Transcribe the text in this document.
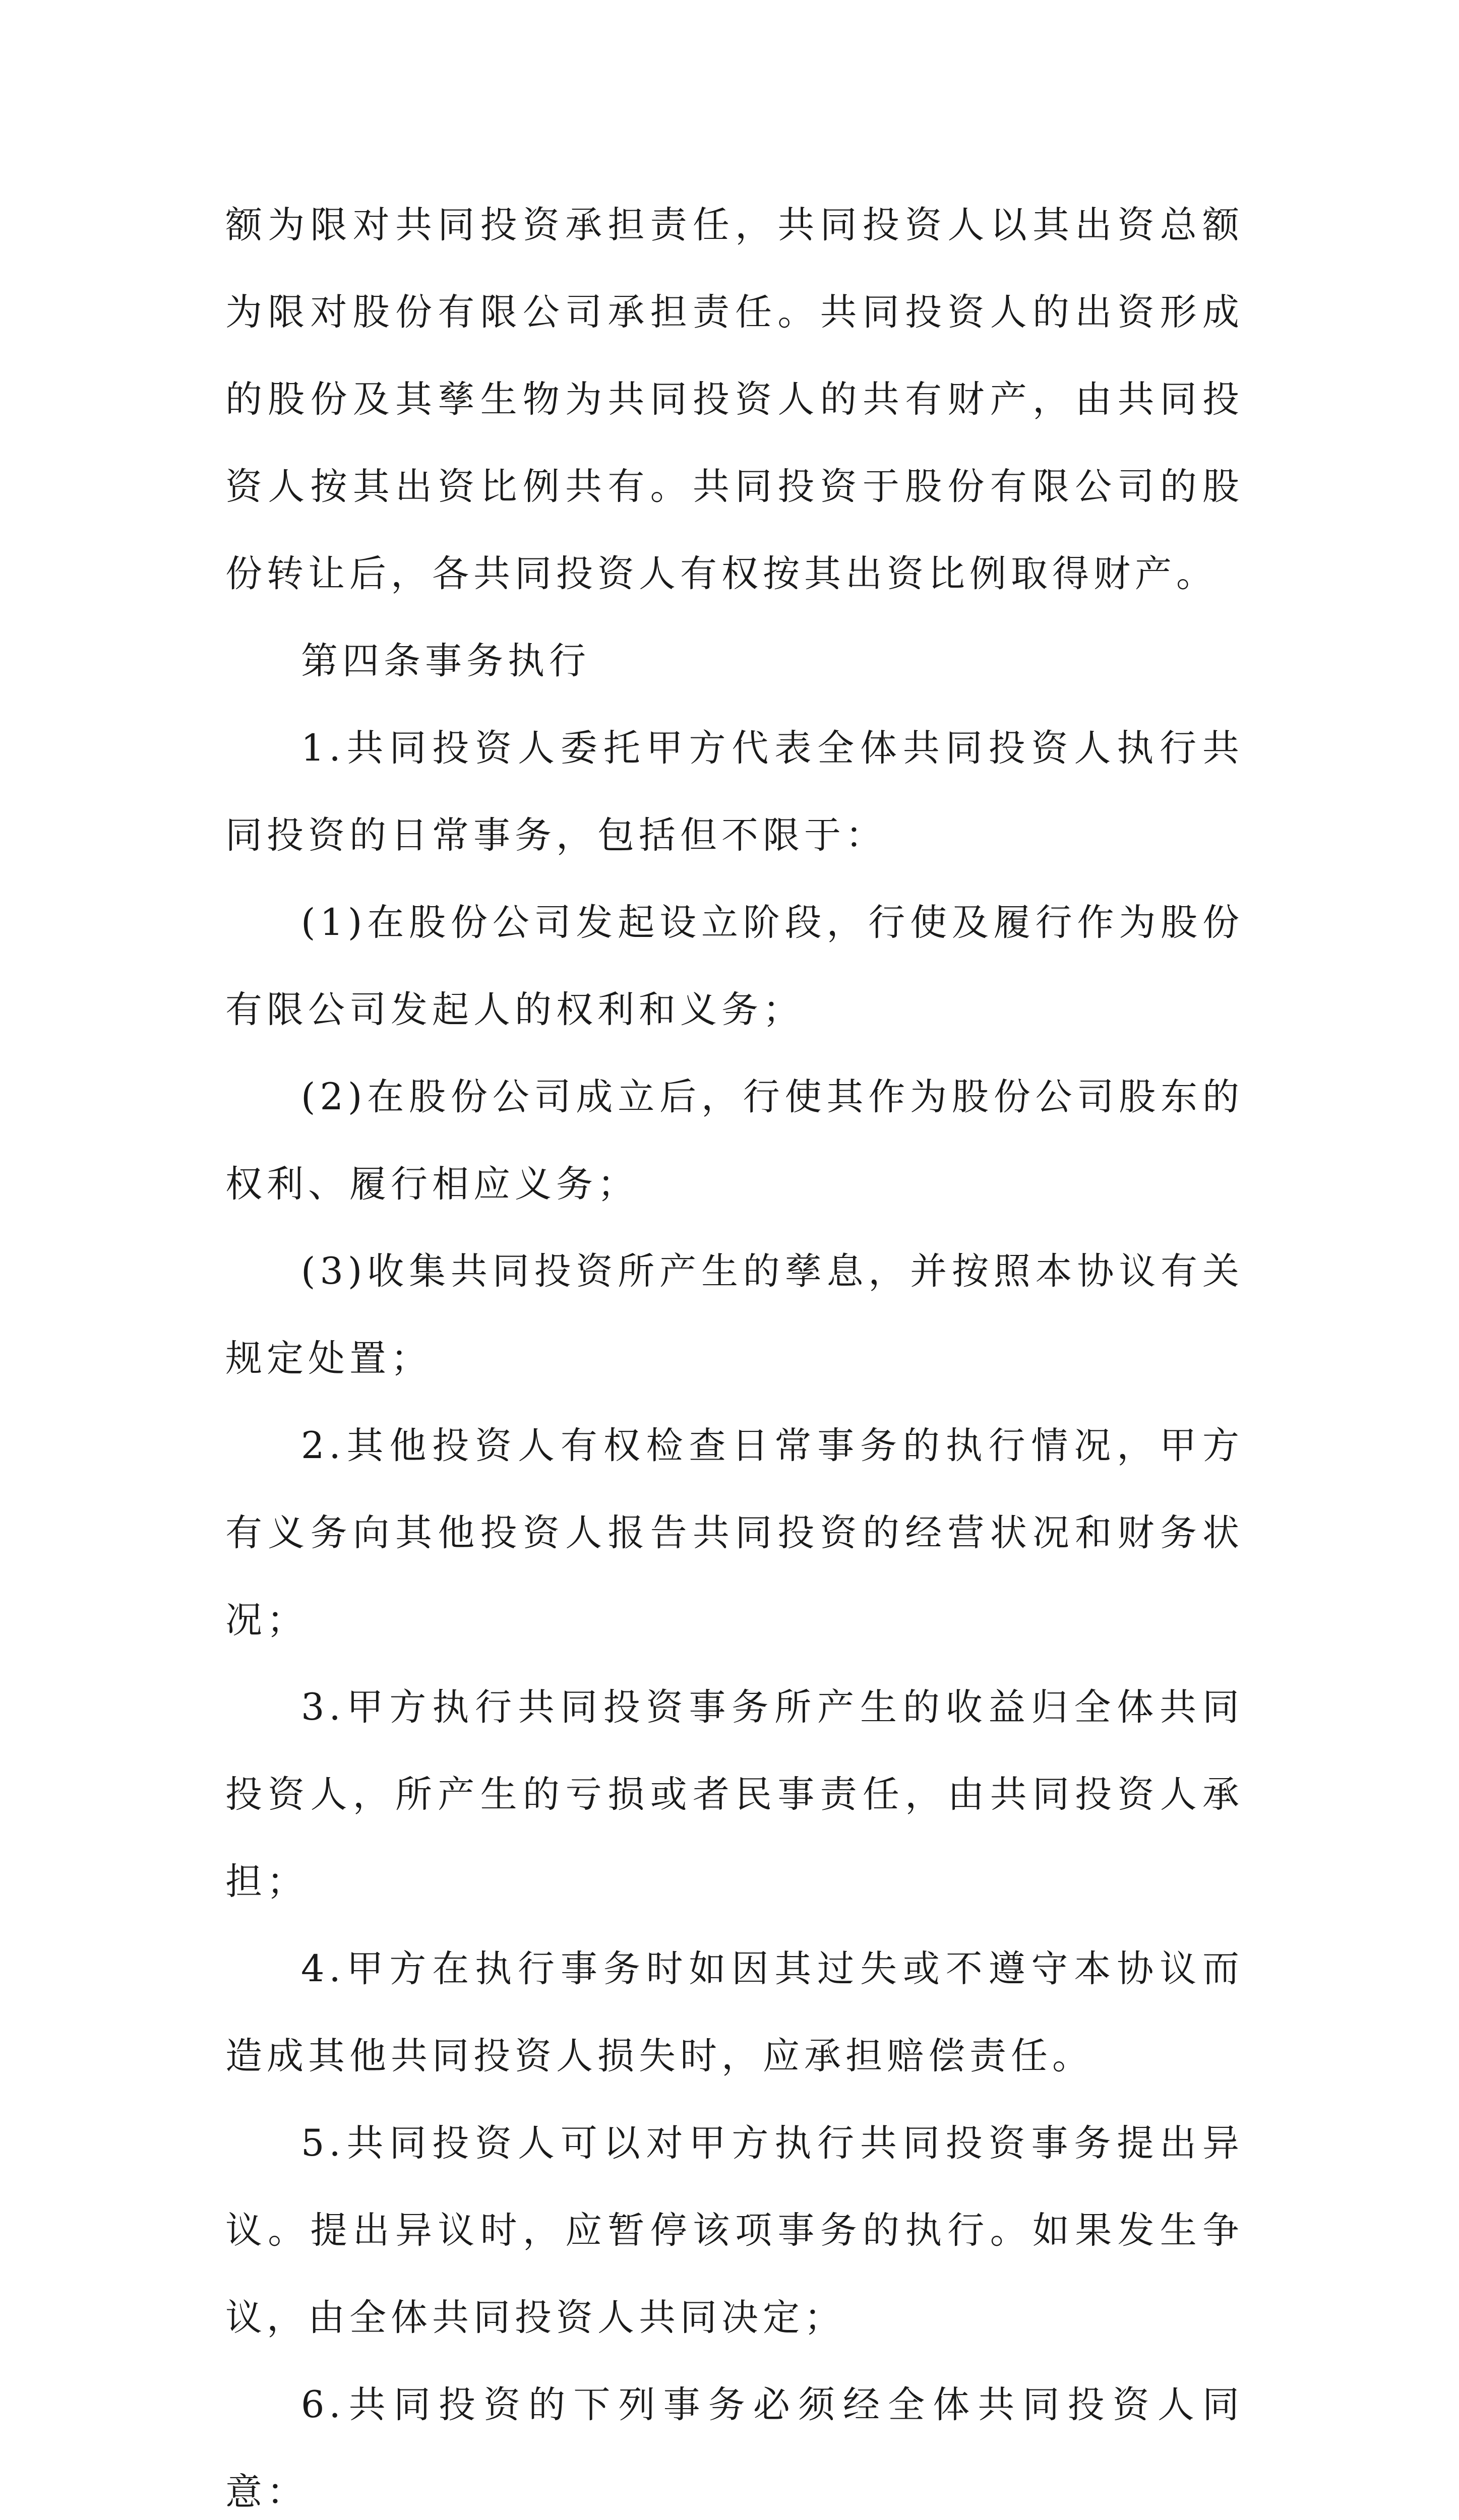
额为限对共同投资承担责任，共同投资人以其出资总额为限对股份有限公司承担责任。共同投资人的出资形成的股份及其孳生物为共同投资人的共有财产，由共同投资人按其出资比例共有。共同投资于股份有限公司的股份转让后，各共同投资人有权按其出资比例取得财产。

第四条事务执行

1.共同投资人委托甲方代表全体共同投资人执行共同投资的日常事务，包括但不限于：

(1)在股份公司发起设立阶段，行使及履行作为股份有限公司发起人的权利和义务；

(2)在股份公司成立后，行使其作为股份公司股东的权利、履行相应义务；

(3)收集共同投资所产生的孳息，并按照本协议有关规定处置；

2.其他投资人有权检查日常事务的执行情况，甲方有义务向其他投资人报告共同投资的经营状况和财务状况；

3.甲方执行共同投资事务所产生的收益归全体共同投资人，所产生的亏损或者民事责任，由共同投资人承担；

4.甲方在执行事务时如因其过失或不遵守本协议而造成其他共同投资人损失时，应承担赔偿责任。

5.共同投资人可以对甲方执行共同投资事务提出异议。提出异议时，应暂停该项事务的执行。如果发生争议，由全体共同投资人共同决定；

6.共同投资的下列事务必须经全体共同投资人同意：
